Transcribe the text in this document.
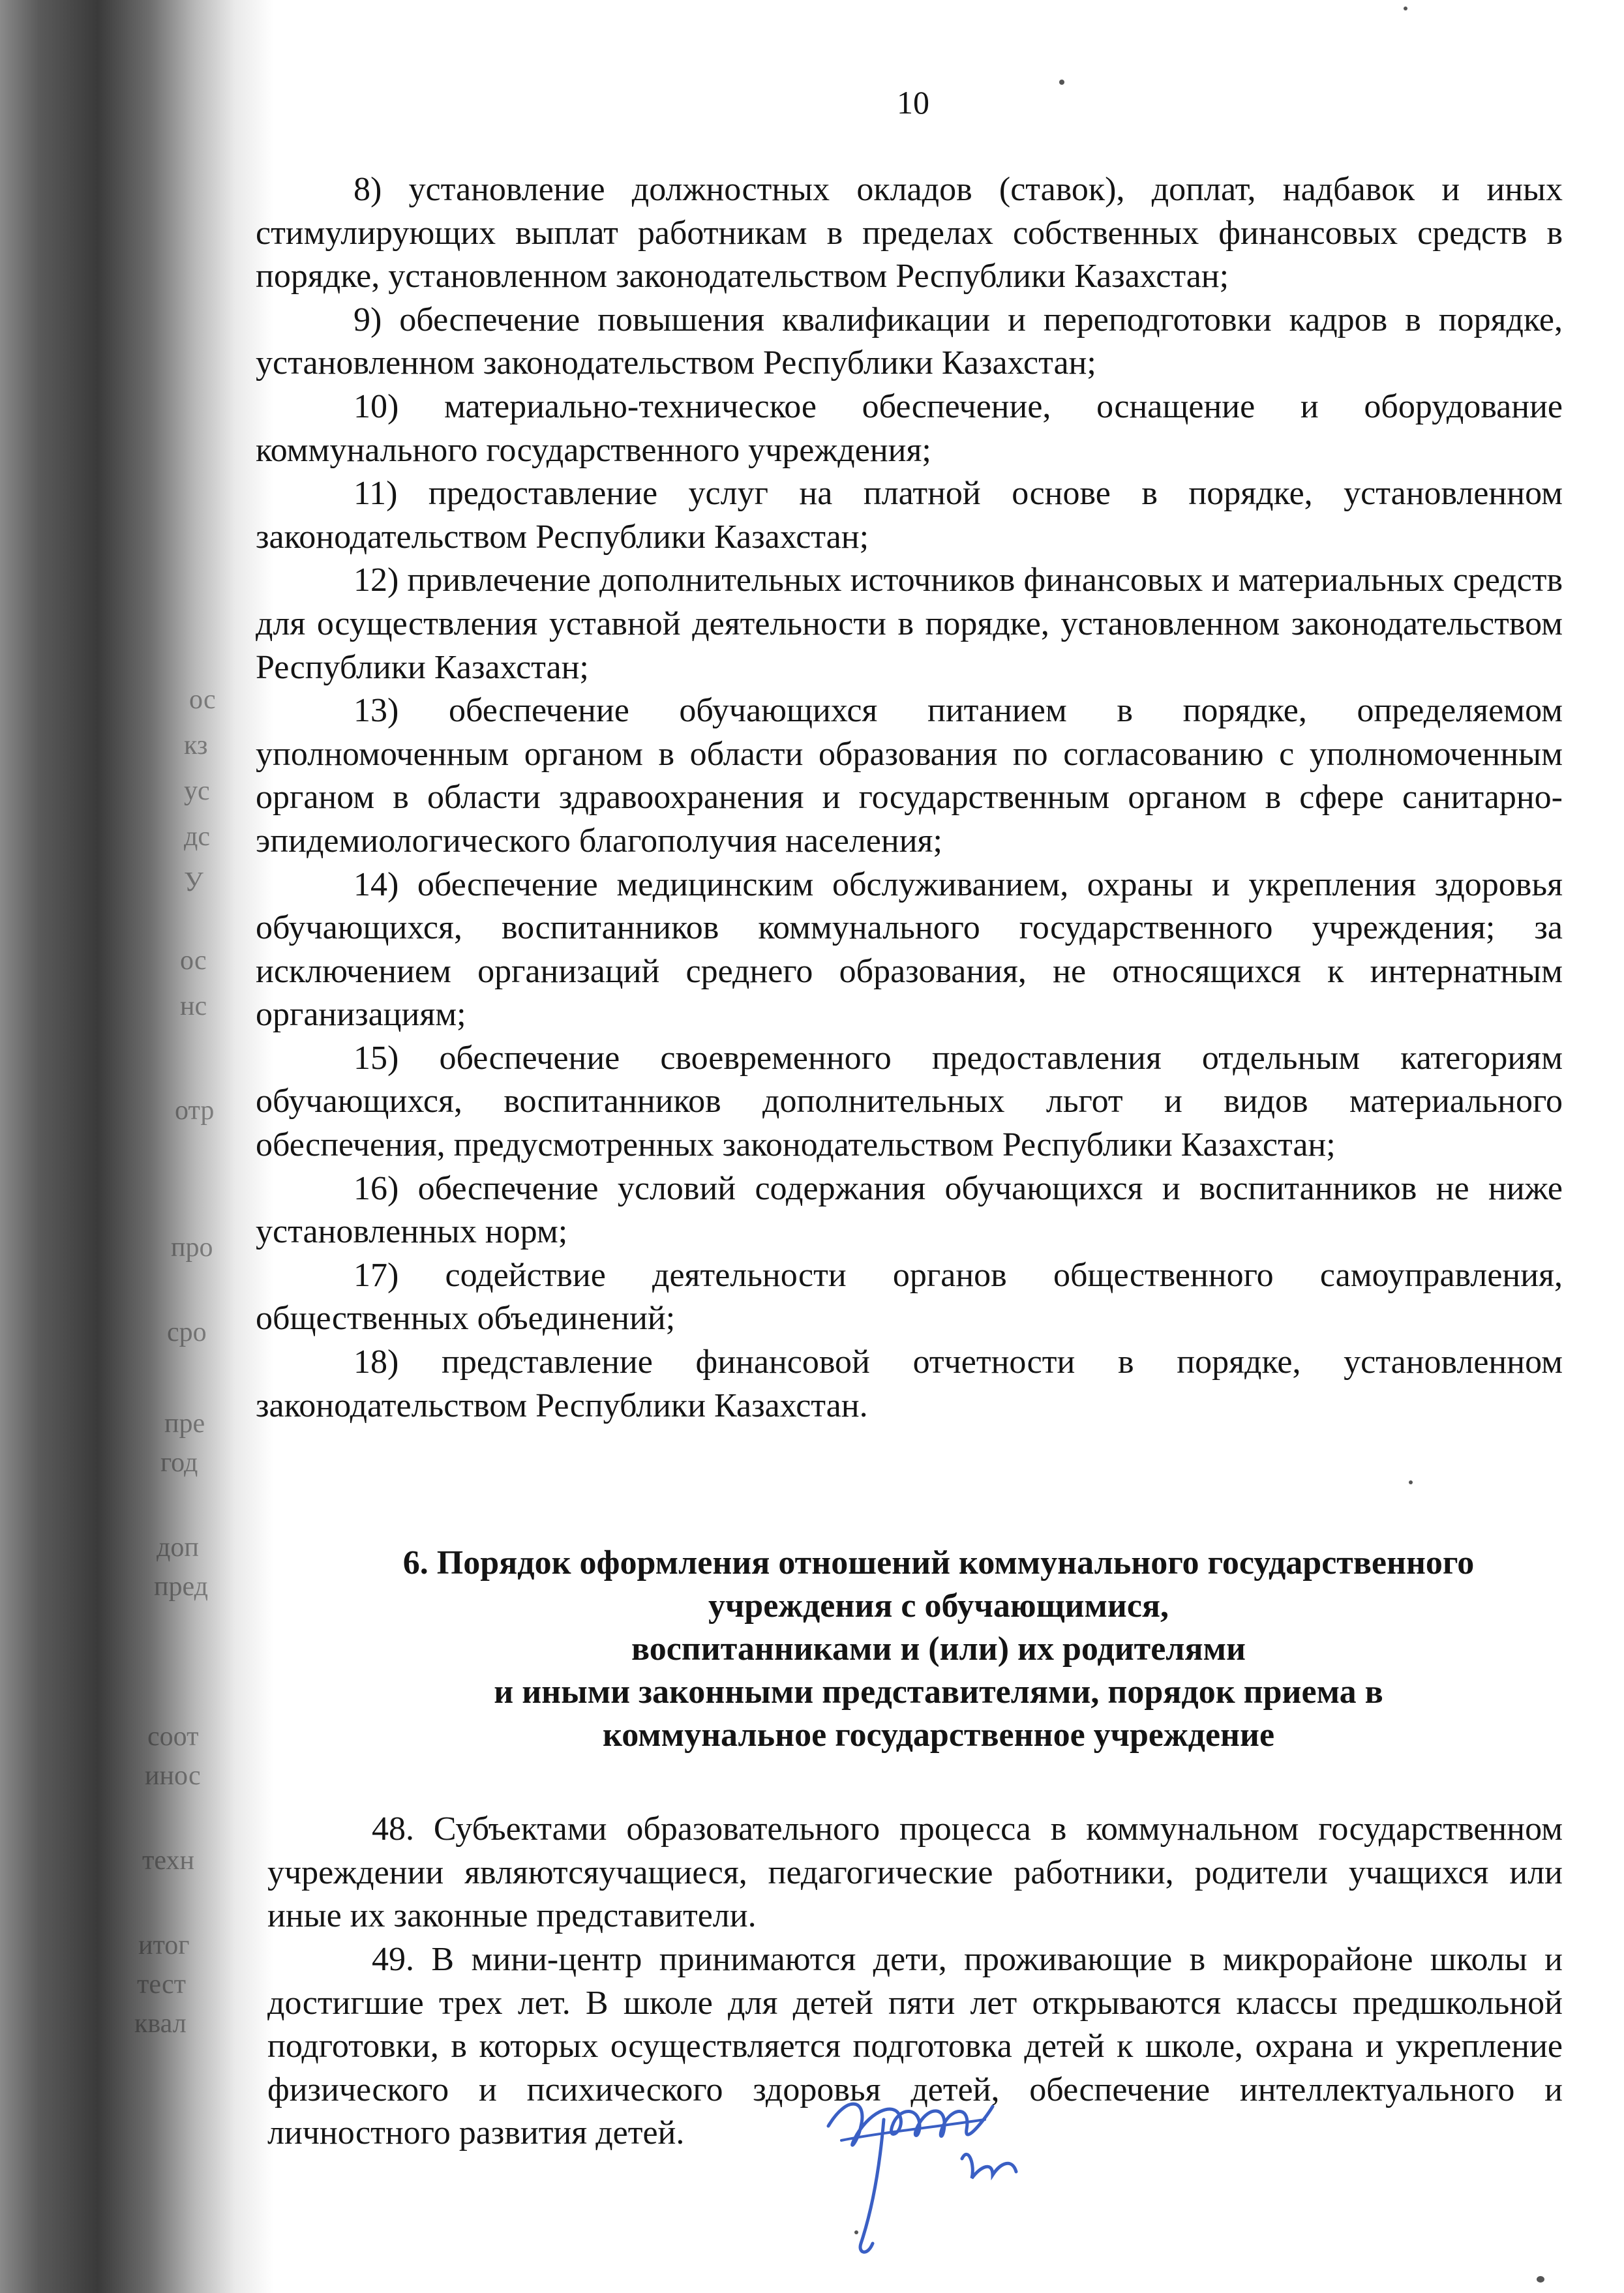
ос
кз
ус
дс
У
ос
нс
отр
про
сро
пре
год
доп
пред
соот
инос
техн
итог
тест
квал
10

8) установление должностных окладов (ставок), доплат, надбавок и иных стимулирующих выплат работникам в пределах собственных финансовых средств в порядке, установленном законодательством Республики Казахстан;

9) обеспечение повышения квалификации и переподготовки кадров в порядке, установленном законодательством Республики Казахстан;

10) материально-техническое обеспечение, оснащение и оборудование коммунального государственного учреждения;

11) предоставление услуг на платной основе в порядке, установленном законодательством Республики Казахстан;

12) привлечение дополнительных источников финансовых и материальных средств для осуществления уставной деятельности в порядке, установленном законодательством Республики Казахстан;

13) обеспечение обучающихся питанием в порядке, определяемом уполномоченным органом в области образования по согласованию с уполномоченным органом в области здравоохранения и государственным органом в сфере санитарно-эпидемиологического благополучия населения;

14) обеспечение медицинским обслуживанием, охраны и укрепления здоровья обучающихся, воспитанников коммунального государственного учреждения; за исключением организаций среднего образования, не относящихся к интернатным организациям;

15) обеспечение своевременного предоставления отдельным категориям обучающихся, воспитанников дополнительных льгот и видов материального обеспечения, предусмотренных законодательством Республики Казахстан;

16) обеспечение условий содержания обучающихся и воспитанников не ниже установленных норм;

17) содействие деятельности органов общественного самоуправления, общественных объединений;

18) представление финансовой отчетности в порядке, установленном законодательством Республики Казахстан.

6. Порядок оформления отношений коммунального государственного
учреждения с обучающимися,
воспитанниками и (или) их родителями
и иными законными представителями, порядок приема в
коммунальное государственное учреждение

48. Субъектами образовательного процесса в коммунальном государственном учреждении являютсяучащиеся, педагогические работники, родители учащихся или иные их законные представители.

49. В мини-центр принимаются дети, проживающие в микрорайоне школы и достигшие трех лет. В школе для детей пяти лет открываются классы предшкольной подготовки, в которых осуществляется подготовка детей к школе, охрана и укрепление физического и психического здоровья детей, обеспечение интеллектуального и личностного развития детей.
